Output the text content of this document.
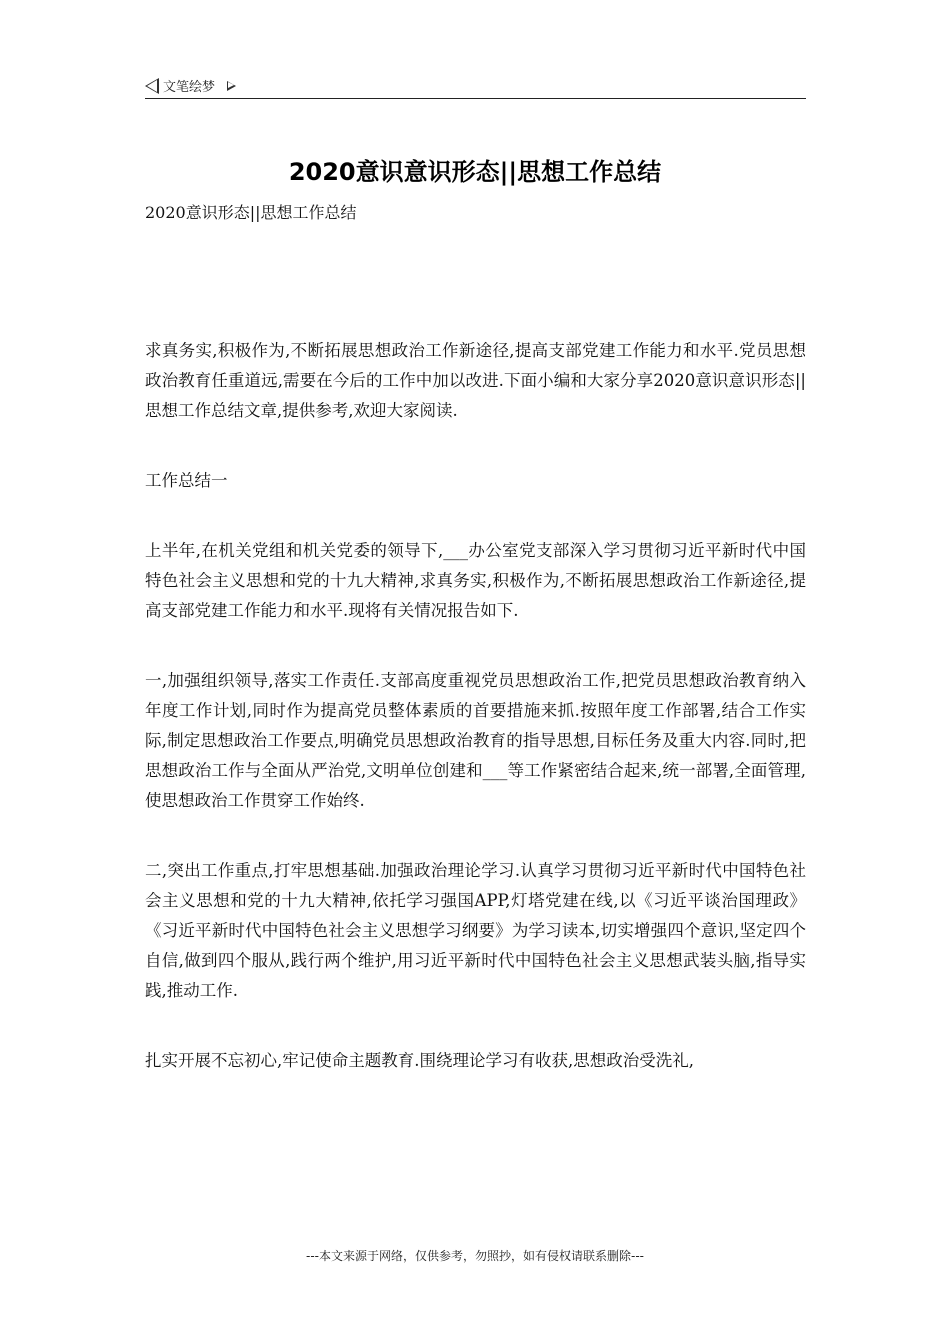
文笔绘梦
2020意识意识形态||思想工作总结
2020意识形态||思想工作总结

求真务实,积极作为,不断拓展思想政治工作新途径,提高支部党建工作能力和水平.党员思想政治教育任重道远,需要在今后的工作中加以改进.下面小编和大家分享2020意识意识形态||思想工作总结文章,提供参考,欢迎大家阅读.

工作总结一

上半年,在机关党组和机关党委的领导下,___办公室党支部深入学习贯彻习近平新时代中国特色社会主义思想和党的十九大精神,求真务实,积极作为,不断拓展思想政治工作新途径,提高支部党建工作能力和水平.现将有关情况报告如下.

一,加强组织领导,落实工作责任.支部高度重视党员思想政治工作,把党员思想政治教育纳入年度工作计划,同时作为提高党员整体素质的首要措施来抓.按照年度工作部署,结合工作实际,制定思想政治工作要点,明确党员思想政治教育的指导思想,目标任务及重大内容.同时,把思想政治工作与全面从严治党,文明单位创建和___等工作紧密结合起来,统一部署,全面管理,使思想政治工作贯穿工作始终.

二,突出工作重点,打牢思想基础.加强政治理论学习.认真学习贯彻习近平新时代中国特色社会主义思想和党的十九大精神,依托学习强国APP,灯塔党建在线,以《习近平谈治国理政》《习近平新时代中国特色社会主义思想学习纲要》为学习读本,切实增强四个意识,坚定四个自信,做到四个服从,践行两个维护,用习近平新时代中国特色社会主义思想武装头脑,指导实践,推动工作.

扎实开展不忘初心,牢记使命主题教育.围绕理论学习有收获,思想政治受洗礼,

---本文来源于网络，仅供参考，勿照抄，如有侵权请联系删除---
